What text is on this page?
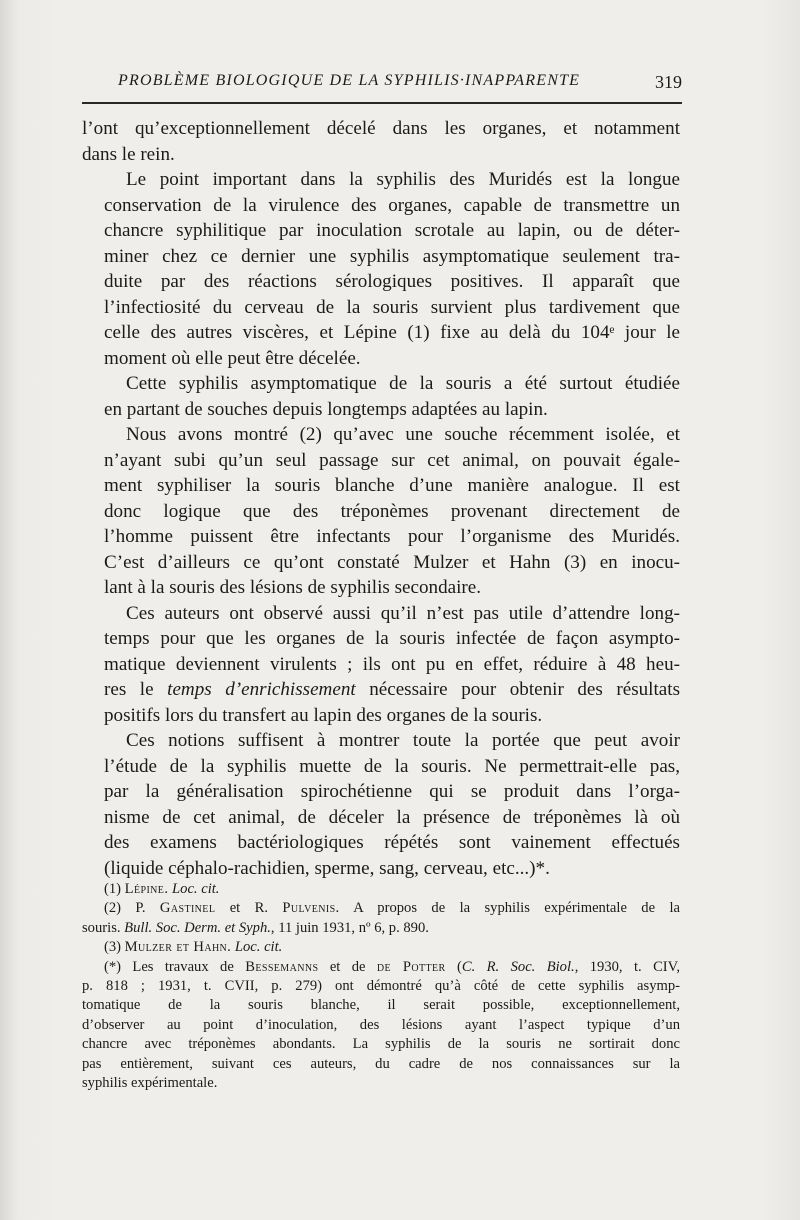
PROBLÈME BIOLOGIQUE DE LA SYPHILIS·INAPPARENTE	319

l’ont qu’exceptionnellement décelé dans les organes, et notamment
dans le rein.

Le point important dans la syphilis des Muridés est la longue
conservation de la virulence des organes, capable de transmettre un
chancre syphilitique par inoculation scrotale au lapin, ou de déter-
miner chez ce dernier une syphilis asymptomatique seulement tra-
duite par des réactions sérologiques positives. Il apparaît que
l’infectiosité du cerveau de la souris survient plus tardivement que
celle des autres viscères, et Lépine (1) fixe au delà du 104ᵉ jour le
moment où elle peut être décelée.

Cette syphilis asymptomatique de la souris a été surtout étudiée
en partant de souches depuis longtemps adaptées au lapin.

Nous avons montré (2) qu’avec une souche récemment isolée, et
n’ayant subi qu’un seul passage sur cet animal, on pouvait égale-
ment syphiliser la souris blanche d’une manière analogue. Il est
donc logique que des tréponèmes provenant directement de
l’homme puissent être infectants pour l’organisme des Muridés.
C’est d’ailleurs ce qu’ont constaté Mulzer et Hahn (3) en inocu-
lant à la souris des lésions de syphilis secondaire.

Ces auteurs ont observé aussi qu’il n’est pas utile d’attendre long-
temps pour que les organes de la souris infectée de façon asympto-
matique deviennent virulents ; ils ont pu en effet, réduire à 48 heu-
res le temps d’enrichissement nécessaire pour obtenir des résultats
positifs lors du transfert au lapin des organes de la souris.

Ces notions suffisent à montrer toute la portée que peut avoir
l’étude de la syphilis muette de la souris. Ne permettrait-elle pas,
par la généralisation spirochétienne qui se produit dans l’orga-
nisme de cet animal, de déceler la présence de tréponèmes là où
des examens bactériologiques répétés sont vainement effectués
(liquide céphalo-rachidien, sperme, sang, cerveau, etc...)*.

(1) Lépine. Loc. cit.

(2) P. Gastinel et R. Pulvenis. A propos de la syphilis expérimentale de la
souris. Bull. Soc. Derm. et Syph., 11 juin 1931, nº 6, p. 890.

(3) Mulzer et Hahn. Loc. cit.

(*) Les travaux de Bessemanns et de de Potter (C. R. Soc. Biol., 1930, t. CIV,
p. 818 ; 1931, t. CVII, p. 279) ont démontré qu’à côté de cette syphilis asymp-
tomatique de la souris blanche, il serait possible, exceptionnellement,
d’observer au point d’inoculation, des lésions ayant l’aspect typique d’un
chancre avec tréponèmes abondants. La syphilis de la souris ne sortirait donc
pas entièrement, suivant ces auteurs, du cadre de nos connaissances sur la
syphilis expérimentale.
